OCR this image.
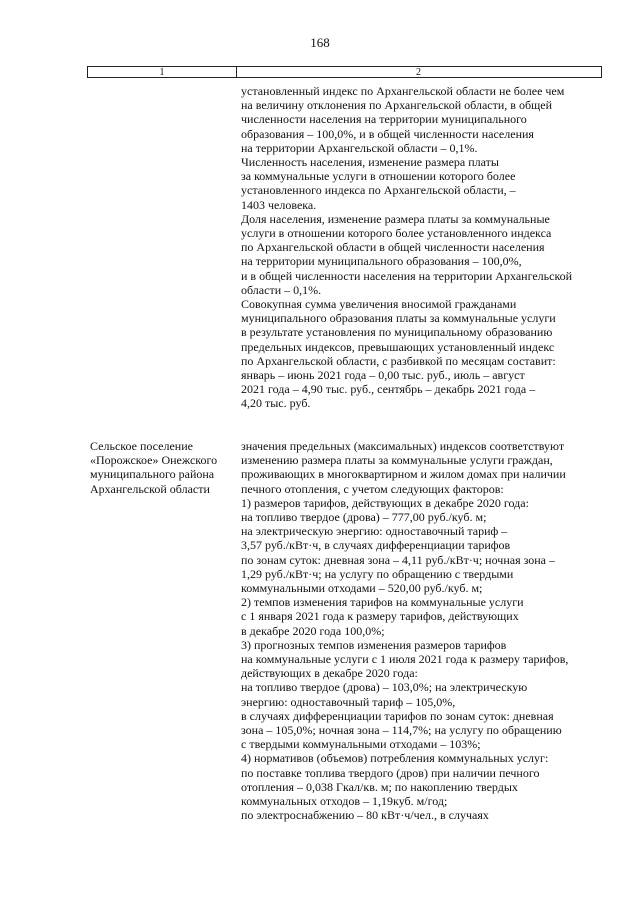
168
1	2
установленный индекс по Архангельской области не более чем
на величину отклонения по Архангельской области, в общей
численности населения на территории муниципального
образования – 100,0%, и в общей численности населения
на территории Архангельской области – 0,1%.
Численность населения, изменение размера платы
за коммунальные услуги в отношении которого более
установленного индекса по Архангельской области, –
1403 человека.
Доля населения, изменение размера платы за коммунальные
услуги в отношении которого более установленного индекса
по Архангельской области в общей численности населения
на территории муниципального образования – 100,0%,
и в общей численности населения на территории Архангельской
области – 0,1%.
Совокупная сумма увеличения вносимой гражданами
муниципального образования платы за коммунальные услуги
в результате установления по муниципальному образованию
предельных индексов, превышающих установленный индекс
по Архангельской области, с разбивкой по месяцам составит:
январь – июнь 2021 года – 0,00 тыс. руб., июль – август
2021 года – 4,90 тыс. руб., сентябрь – декабрь 2021 года –
4,20 тыс. руб.
Сельское поселение
«Порожское» Онежского
муниципального района
Архангельской области
значения предельных (максимальных) индексов соответствуют
изменению размера платы за коммунальные услуги граждан,
проживающих в многоквартирном и жилом домах при наличии
печного отопления, с учетом следующих факторов:
1) размеров тарифов, действующих в декабре 2020 года:
на топливо твердое (дрова) – 777,00 руб./куб. м;
на электрическую энергию: одноставочный тариф –
3,57 руб./кВт·ч, в случаях дифференциации тарифов
по зонам суток: дневная зона – 4,11 руб./кВт·ч; ночная зона –
1,29 руб./кВт·ч; на услугу по обращению с твердыми
коммунальными отходами – 520,00 руб./куб. м;
2) темпов изменения тарифов на коммунальные услуги
с 1 января 2021 года к размеру тарифов, действующих
в декабре 2020 года 100,0%;
3) прогнозных темпов изменения размеров тарифов
на коммунальные услуги с 1 июля 2021 года к размеру тарифов,
действующих в декабре 2020 года:
на топливо твердое (дрова) – 103,0%; на электрическую
энергию: одноставочный тариф – 105,0%,
в случаях дифференциации тарифов по зонам суток: дневная
зона – 105,0%; ночная зона – 114,7%; на услугу по обращению
с твердыми коммунальными отходами – 103%;
4) нормативов (объемов) потребления коммунальных услуг:
по поставке топлива твердого (дров) при наличии печного
отопления – 0,038 Гкал/кв. м; по накоплению твердых
коммунальных отходов – 1,19куб. м/год;
по электроснабжению – 80 кВт·ч/чел., в случаях
